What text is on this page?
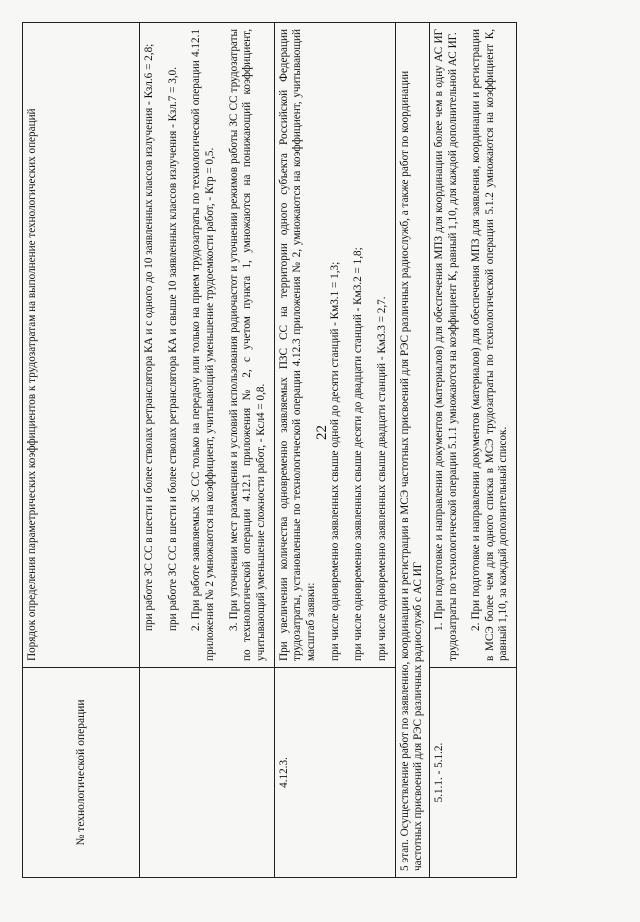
22
№ технологической операции	Порядок определения параметрических коэффициентов к трудозатратам на выполнение технологических операций

	при работе ЗС СС в шести и более стволах ретранслятора КА и с одного до 10 заявленных классов излучения - Кзл.6 = 2,8; при работе ЗС СС в шести и более стволах ретранслятора КА и свыше 10 заявленных классов излучения - Кзл.7 = 3,0. 2. При работе заявляемых ЗС СС только на передачу или только на прием трудозатраты по технологической операции 4.12.1 приложения № 2 умножаются на коэффициент, учитывающий уменьшение трудоемкости работ, - Ктр = 0,5. 3. При уточнении мест размещения и условий использования радиочастот и уточнении режимов работы ЗС СС трудозатраты по технологической операции 4.12.1 приложения № 2, с учетом пункта 1, умножаются на понижающий коэффициент, учитывающий уменьшение сложности работ, - Ксл4 = 0,8.

4.12.3.	При увеличении количества одновременно заявляемых ПЗС СС на территории одного субъекта Российской Федерации трудозатраты, установленные по технологической операции 4.12.3 приложения № 2, умножаются на коэффициент, учитывающий масштаб заявки: при числе одновременно заявленных свыше одной до десяти станций - Км3.1 = 1,3; при числе одновременно заявленных свыше десяти до двадцати станций - Км3.2 = 1,8; при числе одновременно заявленных свыше двадцати станций - Км3.3 = 2,7.

5 этап. Осуществление работ по заявлению, координации и регистрации в МСЭ частотных присвоений для РЭС различных радиослужб, а также работ по координации частотных присвоений для РЭС различных радиослужб с АС ИГ	
5.1.1. - 5.1.2.	1. При подготовке и направлении документов (материалов) для обеспечения МПЗ для координации более чем в одну АС ИГ трудозатраты по технологической операции 5.1.1 умножаются на коэффициент К, равный 1,10, для каждой дополнительной АС ИГ. 2. При подготовке и направлении документов (материалов) для обеспечения МПЗ для заявления, координации и регистрации в МСЭ более чем для одного списка в МСЭ трудозатраты по технологической операции 5.1.2 умножаются на коэффициент К, равный 1,10, за каждый дополнительный список.
